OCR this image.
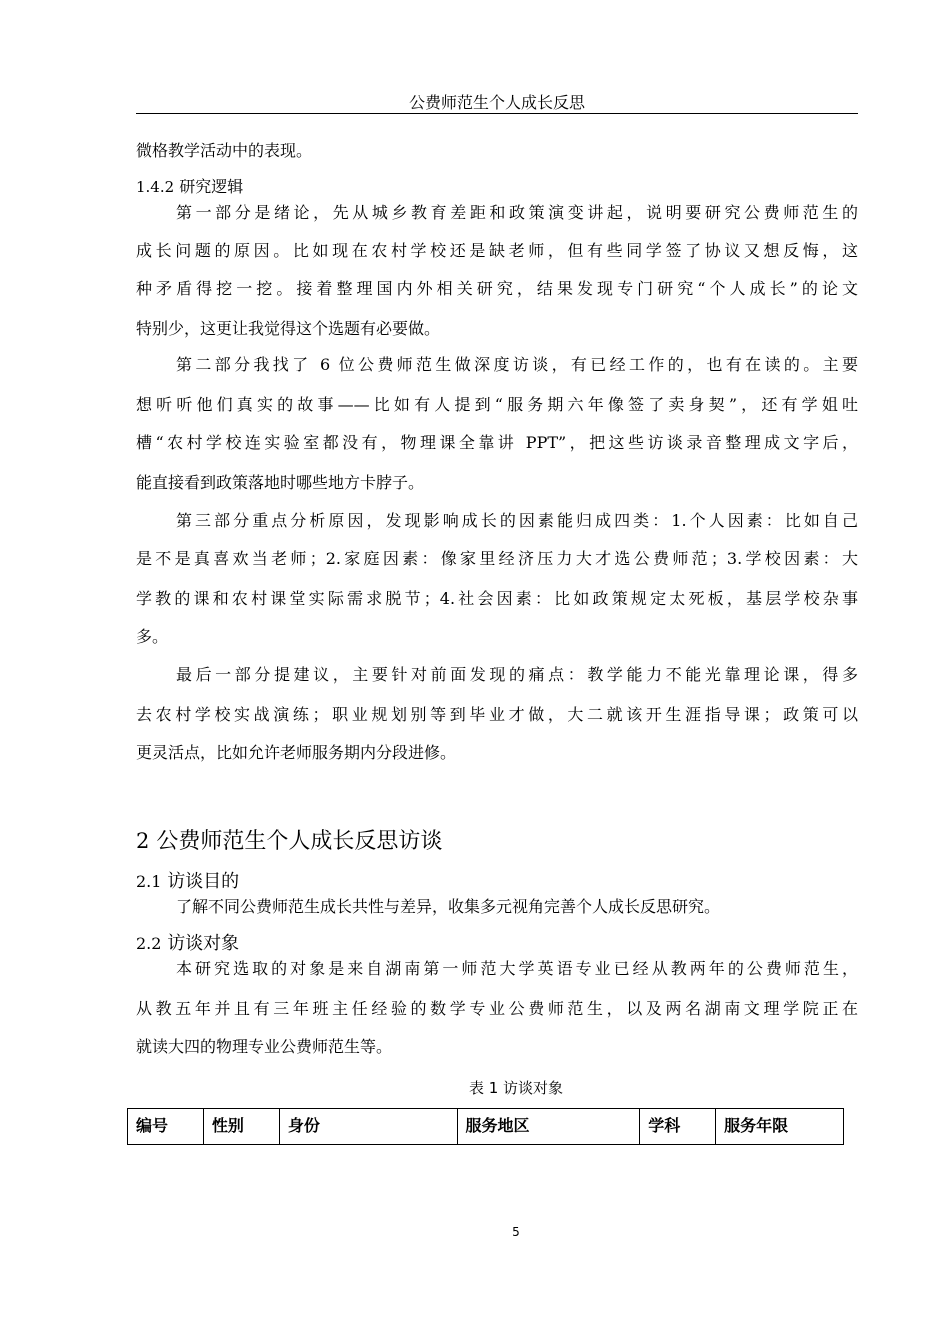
公费师范生个人成长反思
微格教学活动中的表现。
1.4.2 研究逻辑
第一部分是绪论，先从城乡教育差距和政策演变讲起，说明要研究公费师范生的
成长问题的原因。比如现在农村学校还是缺老师，但有些同学签了协议又想反悔，这
种矛盾得挖一挖。接着整理国内外相关研究，结果发现专门研究“个人成长”的论文
特别少，这更让我觉得这个选题有必要做。
第二部分我找了 6 位公费师范生做深度访谈，有已经工作的，也有在读的。主要
想听听他们真实的故事——比如有人提到“服务期六年像签了卖身契”，还有学姐吐
槽“农村学校连实验室都没有，物理课全靠讲 PPT”，把这些访谈录音整理成文字后，
能直接看到政策落地时哪些地方卡脖子。
第三部分重点分析原因，发现影响成长的因素能归成四类：1.个人因素：比如自己
是不是真喜欢当老师；2.家庭因素：像家里经济压力大才选公费师范；3.学校因素：大
学教的课和农村课堂实际需求脱节；4.社会因素：比如政策规定太死板，基层学校杂事
多。
最后一部分提建议，主要针对前面发现的痛点：教学能力不能光靠理论课，得多
去农村学校实战演练；职业规划别等到毕业才做，大二就该开生涯指导课；政策可以
更灵活点，比如允许老师服务期内分段进修。
2 公费师范生个人成长反思访谈
2.1 访谈目的
了解不同公费师范生成长共性与差异，收集多元视角完善个人成长反思研究。
2.2 访谈对象
本研究选取的对象是来自湖南第一师范大学英语专业已经从教两年的公费师范生，
从教五年并且有三年班主任经验的数学专业公费师范生，以及两名湖南文理学院正在
就读大四的物理专业公费师范生等。
表 1 访谈对象
编号	性别	身份	服务地区	学科	服务年限
5
